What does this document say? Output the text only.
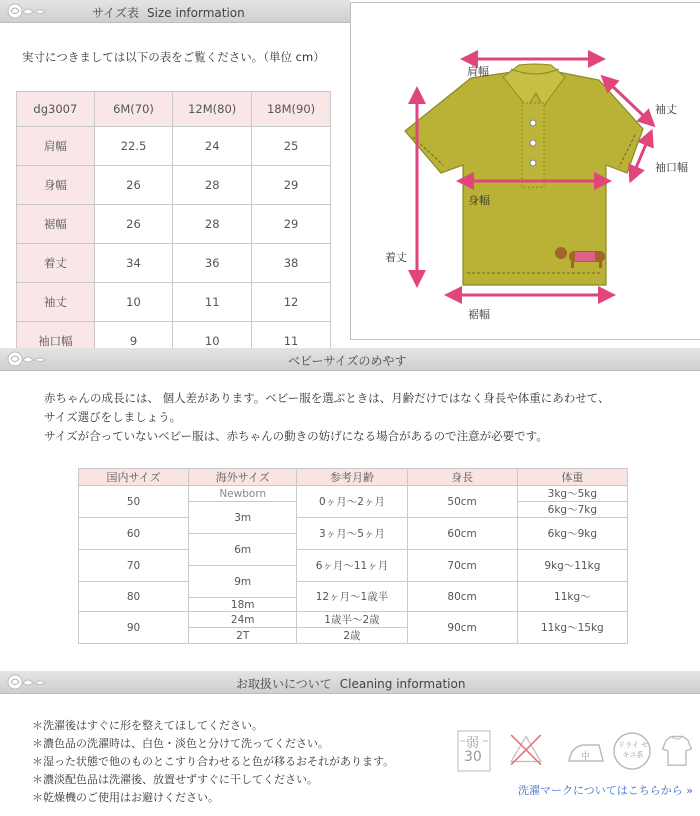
サイズ表 Size information
実寸につきましては以下の表をご覧ください。（単位 cm）
dg3007	6M(70)	12M(80)	18M(90)
肩幅	22.5	24	25
身幅	26	28	29
裾幅	26	28	29
着丈	34	36	38
袖丈	10	11	12
袖口幅	9	10	11
肩幅
袖丈
袖口幅
身幅
着丈
裾幅
ベビーサイズのめやす
赤ちゃんの成長には、 個人差があります。ベビー服を選ぶときは、月齢だけではなく身長や体重にあわせて、
サイズ選びをしましょう。
サイズが合っていないベビー服は、赤ちゃんの動きの妨げになる場合があるので注意が必要です。
国内サイズ	海外サイズ	参考月齢	身長	体重
50	Newborn	0ヶ月〜2ヶ月	50cm	3kg〜5kg
	3m			6kg〜7kg
60		3ヶ月〜5ヶ月	60cm	6kg〜9kg
	6m			
70		6ヶ月〜11ヶ月	70cm	9kg〜11kg
	9m			
80		12ヶ月〜1歳半	80cm	11kg〜
	18m			
90	24m	1歳半〜2歳	90cm	11kg〜15kg
	2T	2歳		
お取扱いについて Cleaning information
＊洗濯後はすぐに形を整えてほしてください。
＊濃色品の洗濯時は、白色・淡色と分けて洗ってください。
＊湿った状態で他のものとこすり合わせると色が移るおそれがあります。
＊濃淡配色品は洗濯後、放置せずすぐに干してください。
＊乾燥機のご使用はお避けください。
弱
30	中
ドライ セキユ系
洗濯マークについてはこちらから »
